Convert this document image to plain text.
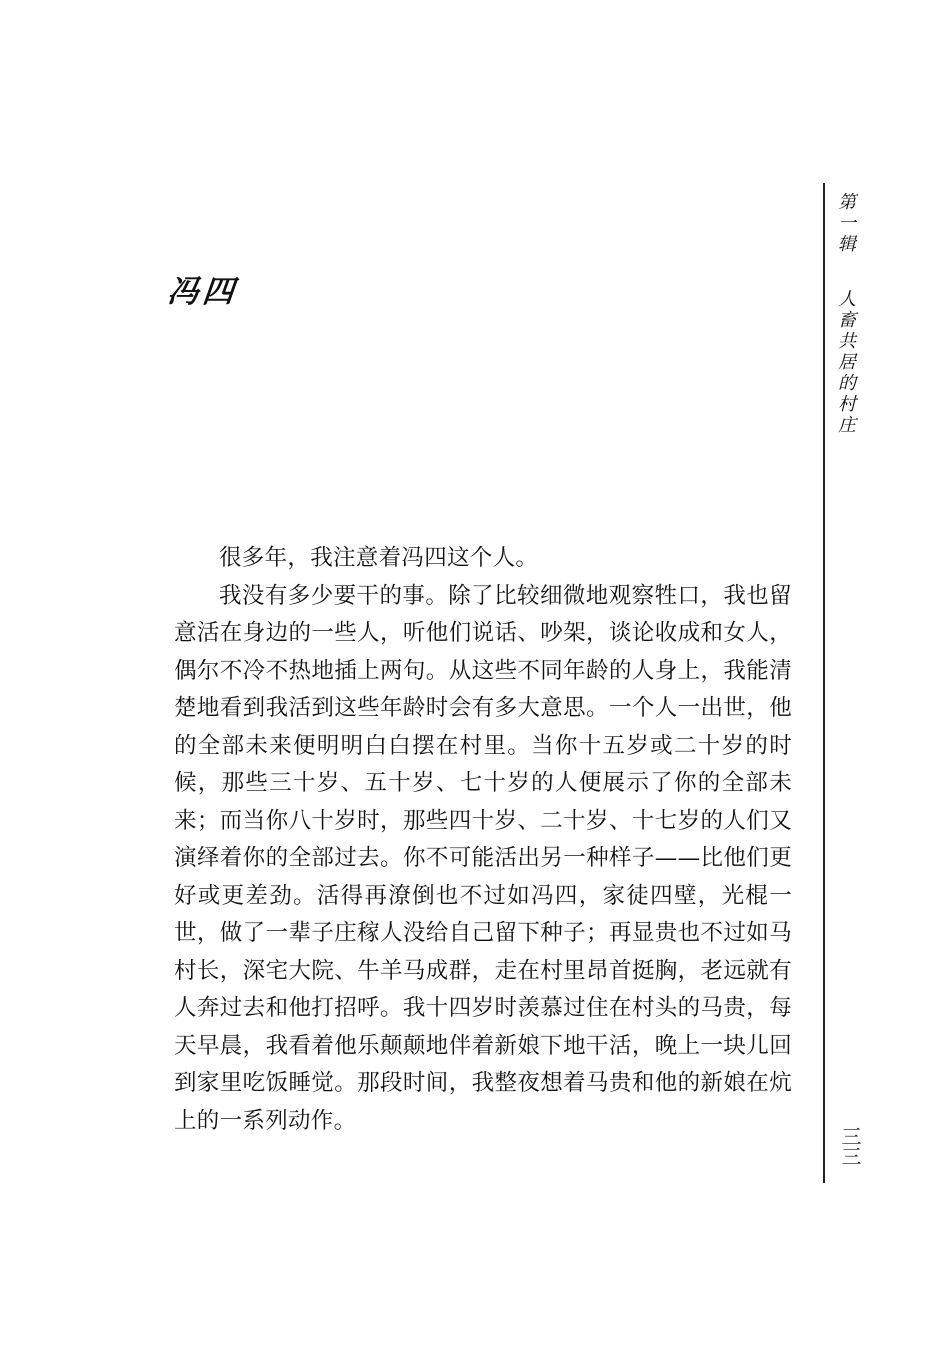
冯四

很多年，我注意着冯四这个人。

我没有多少要干的事。除了比较细微地观察牲口，我也留意活在身边的一些人，听他们说话、吵架，谈论收成和女人，偶尔不冷不热地插上两句。从这些不同年龄的人身上，我能清楚地看到我活到这些年龄时会有多大意思。一个人一出世，他的全部未来便明明白白摆在村里。当你十五岁或二十岁的时候，那些三十岁、五十岁、七十岁的人便展示了你的全部未来；而当你八十岁时，那些四十岁、二十岁、十七岁的人们又演绎着你的全部过去。你不可能活出另一种样子——比他们更好或更差劲。活得再潦倒也不过如冯四，家徒四壁，光棍一世，做了一辈子庄稼人没给自己留下种子；再显贵也不过如马村长，深宅大院、牛羊马成群，走在村里昂首挺胸，老远就有人奔过去和他打招呼。我十四岁时羡慕过住在村头的马贵，每天早晨，我看着他乐颠颠地伴着新娘下地干活，晚上一块儿回到家里吃饭睡觉。那段时间，我整夜想着马贵和他的新娘在炕上的一系列动作。

第一辑人畜共居的村庄
三三
